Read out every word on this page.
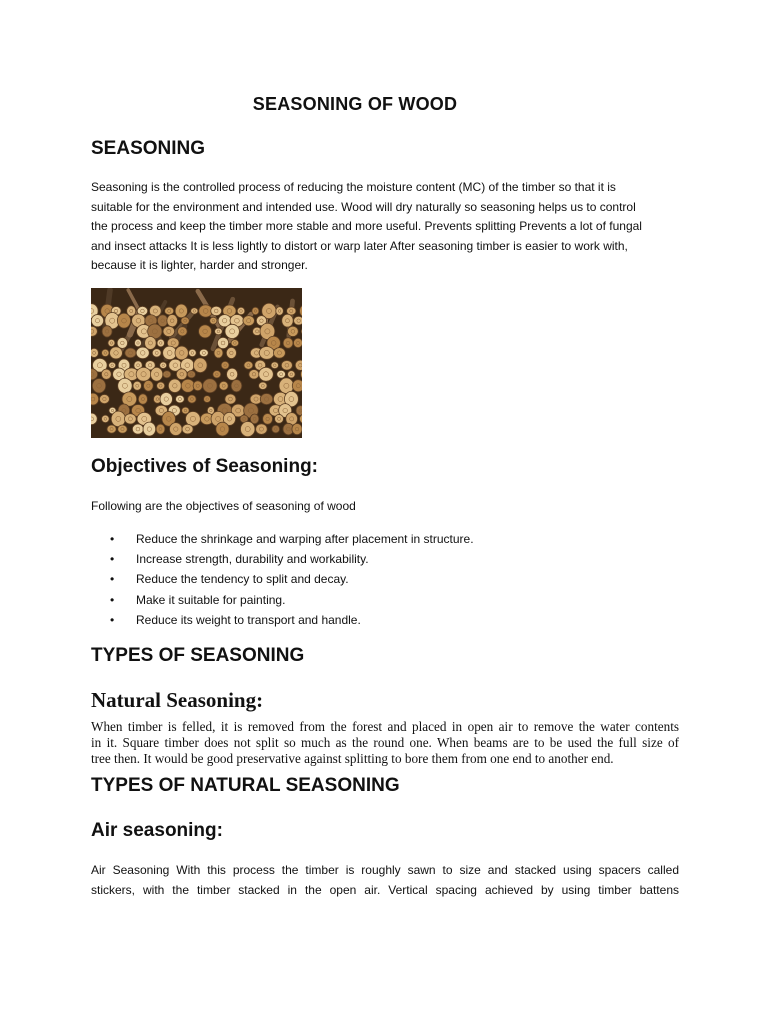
SEASONING OF WOOD
SEASONING
Seasoning is the controlled process of reducing the moisture content (MC) of the timber so that it is
suitable for the environment and intended use. Wood will dry naturally so seasoning helps us to control
the process and keep the timber more stable and more useful. Prevents splitting Prevents a lot of fungal
and insect attacks It is less lightly to distort or warp later After seasoning timber is easier to work with,
because it is lighter, harder and stronger.
Objectives of Seasoning:

Following are the objectives of seasoning of wood

• Reduce the shrinkage and warping after placement in structure.
• Increase strength, durability and workability.
• Reduce the tendency to split and decay.
• Make it suitable for painting.
• Reduce its weight to transport and handle.
TYPES OF SEASONING
Natural Seasoning:
When timber is felled, it is removed from the forest and placed in open air to remove the water contents
in it. Square timber does not split so much as the round one. When beams are to be used the full size of
tree then. It would be good preservative against splitting to bore them from one end to another end.
TYPES OF NATURAL SEASONING
Air seasoning:
Air Seasoning With this process the timber is roughly sawn to size and stacked using spacers called
stickers, with the timber stacked in the open air. Vertical spacing achieved by using timber battens
